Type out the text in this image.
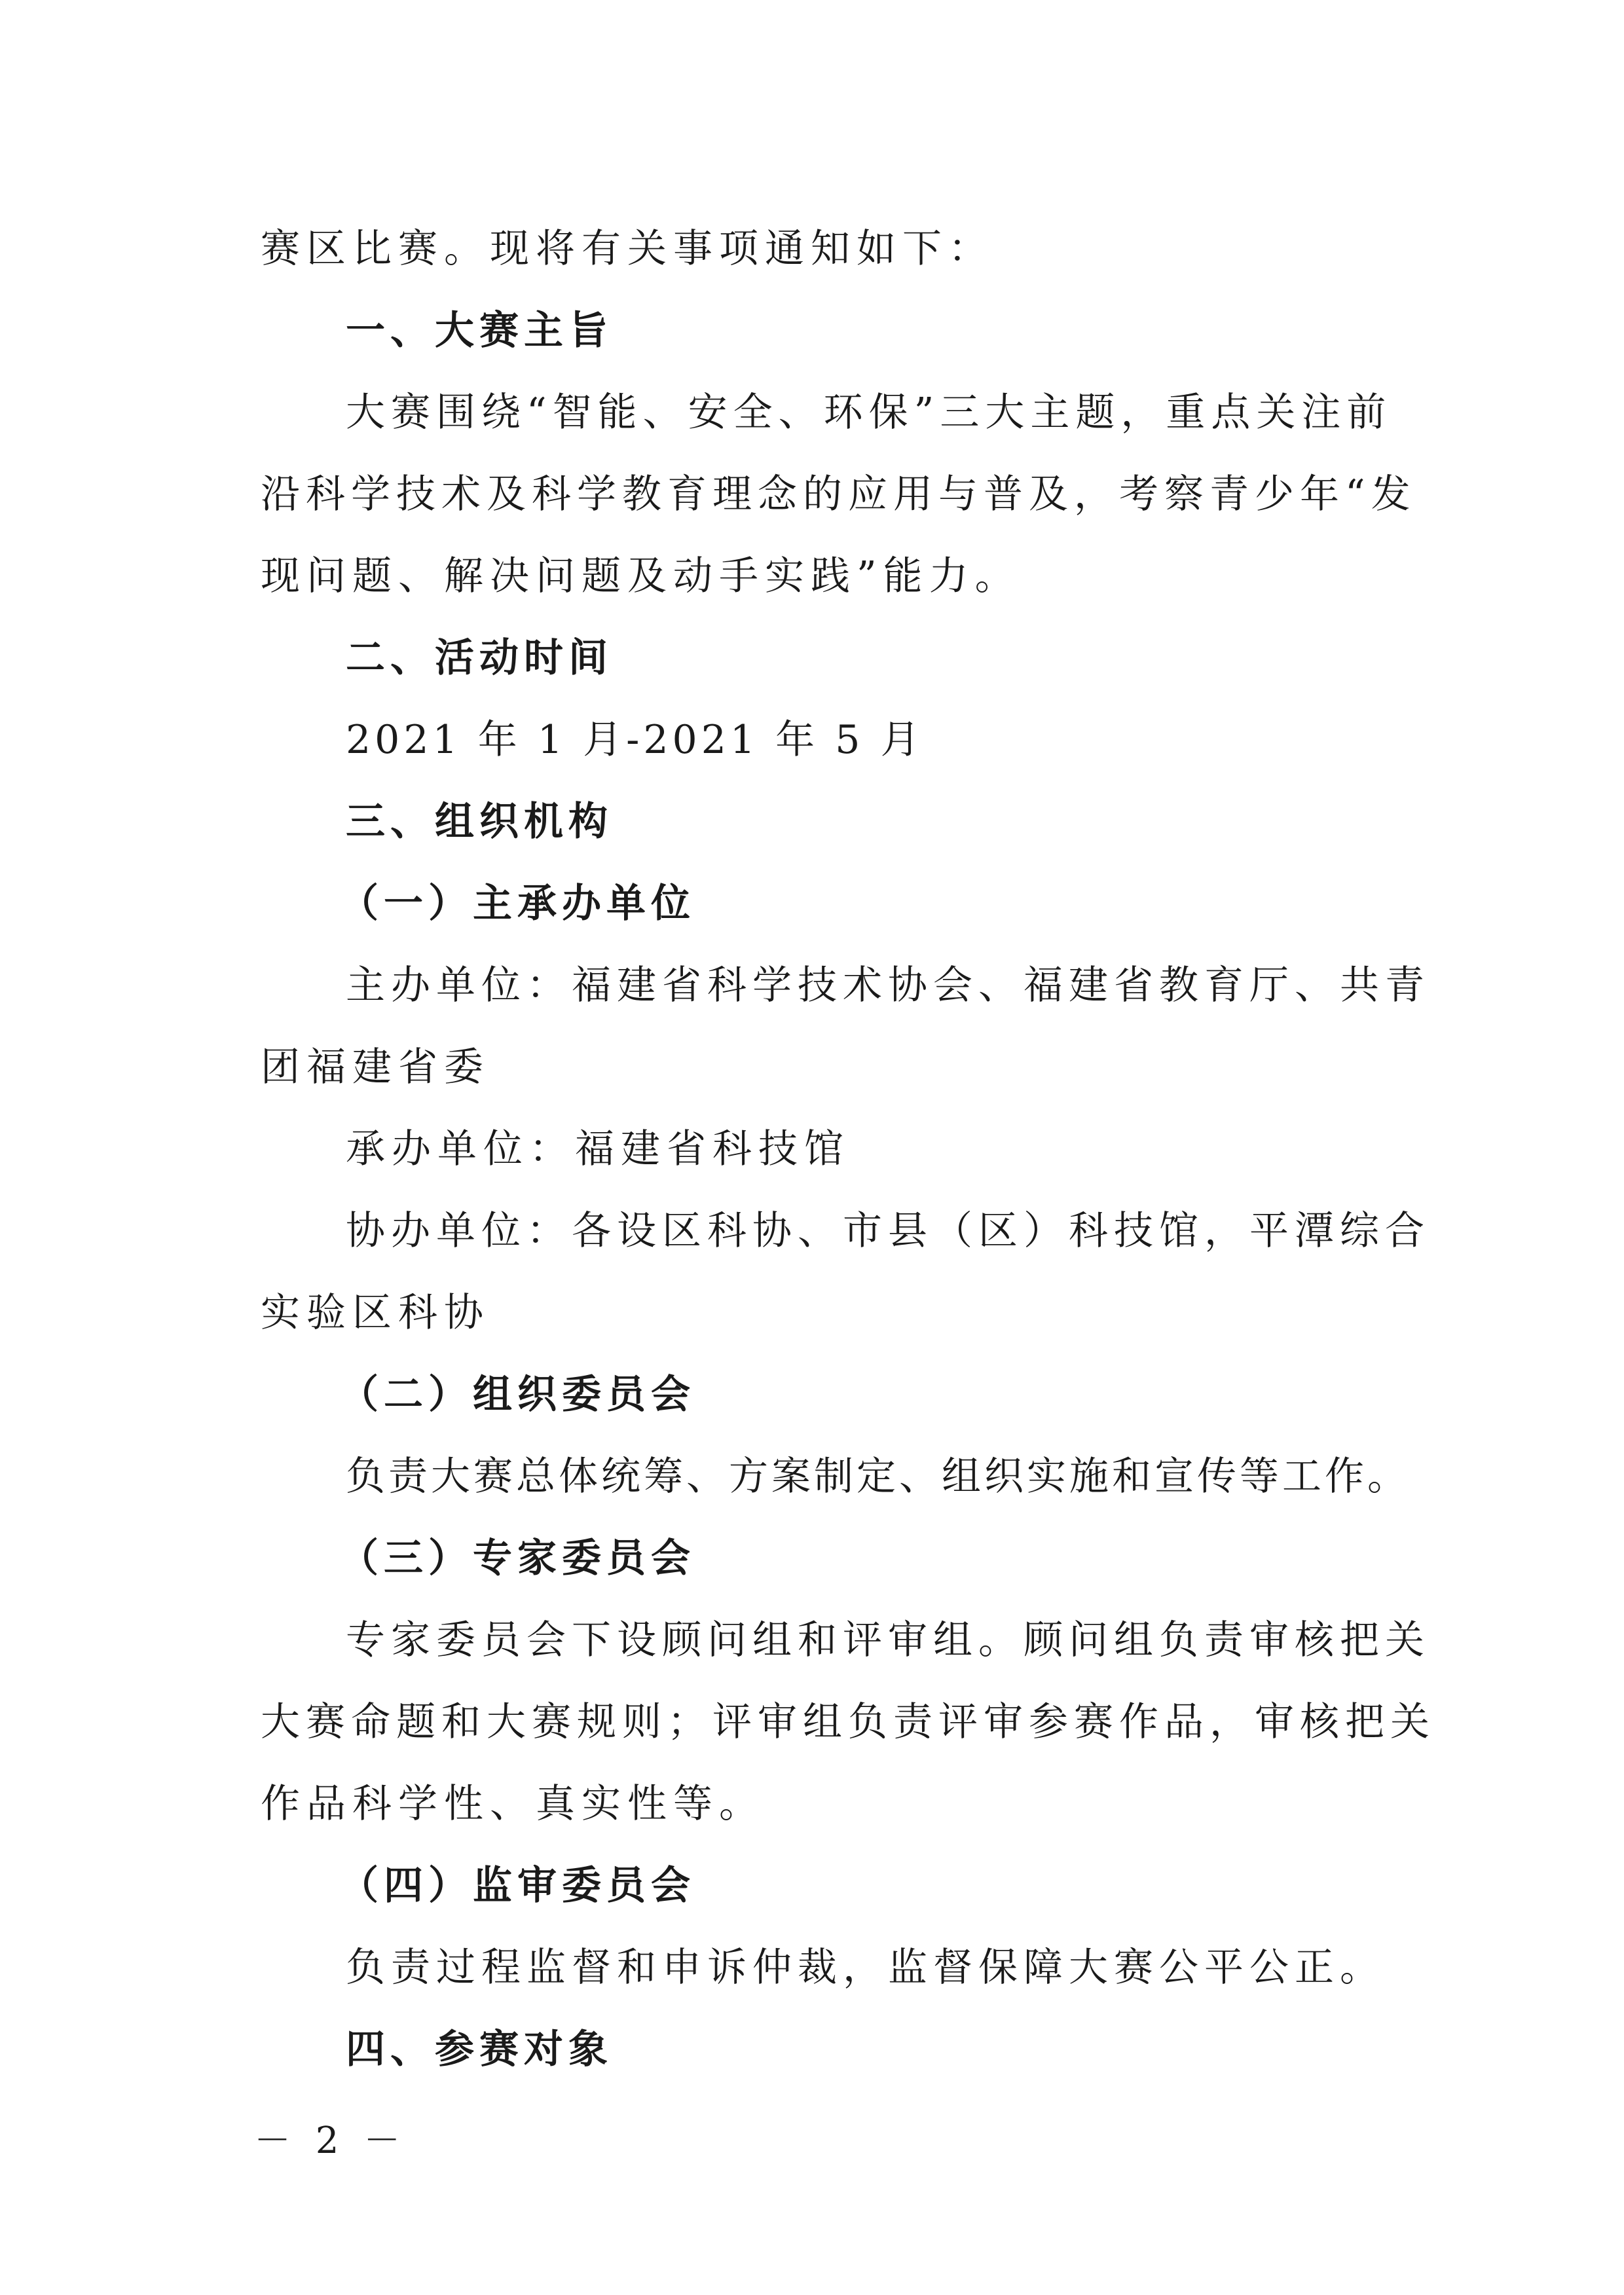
赛区比赛。现将有关事项通知如下：
一、大赛主旨
大赛围绕“智能、安全、环保”三大主题，重点关注前
沿科学技术及科学教育理念的应用与普及，考察青少年“发
现问题、解决问题及动手实践”能力。
二、活动时间
2021 年 1 月-2021 年 5 月
三、组织机构
（一）主承办单位
主办单位：福建省科学技术协会、福建省教育厅、共青
团福建省委
承办单位：福建省科技馆
协办单位：各设区科协、市县（区）科技馆，平潭综合
实验区科协
（二）组织委员会
负责大赛总体统筹、方案制定、组织实施和宣传等工作。
（三）专家委员会
专家委员会下设顾问组和评审组。顾问组负责审核把关
大赛命题和大赛规则；评审组负责评审参赛作品，审核把关
作品科学性、真实性等。
（四）监审委员会
负责过程监督和申诉仲裁，监督保障大赛公平公正。
四、参赛对象
－ 2 －
